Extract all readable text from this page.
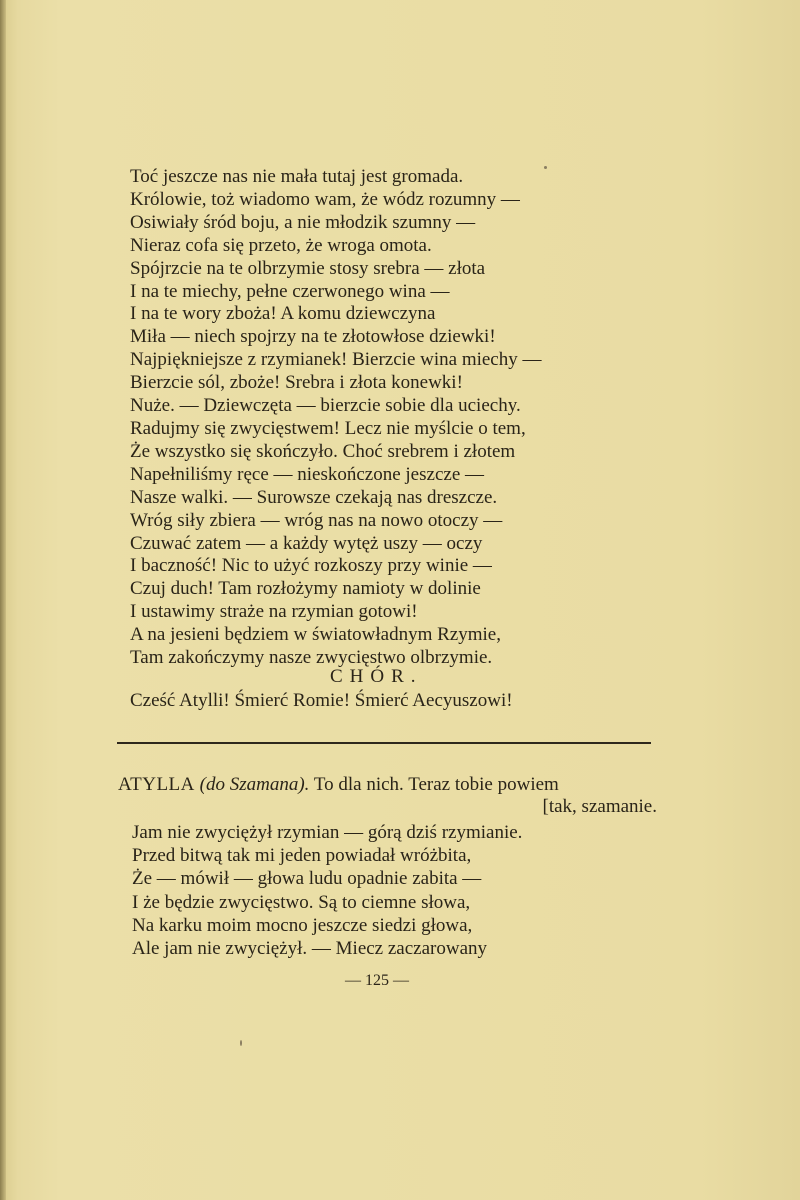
Toć jeszcze nas nie mała tutaj jest gromada.
Królowie, toż wiadomo wam, że wódz rozumny —
Osiwiały śród boju, a nie młodzik szumny —
Nieraz cofa się przeto, że wroga omota.
Spójrzcie na te olbrzymie stosy srebra — złota
I na te miechy, pełne czerwonego wina —
I na te wory zboża! A komu dziewczyna
Miła — niech spojrzy na te złotowłose dziewki!
Najpiękniejsze z rzymianek! Bierzcie wina miechy —
Bierzcie sól, zboże! Srebra i złota konewki!
Nuże. — Dziewczęta — bierzcie sobie dla uciechy.
Radujmy się zwycięstwem! Lecz nie myślcie o tem,
Że wszystko się skończyło. Choć srebrem i złotem
Napełniliśmy ręce — nieskończone jeszcze —
Nasze walki. — Surowsze czekają nas dreszcze.
Wróg siły zbiera — wróg nas na nowo otoczy —
Czuwać zatem — a każdy wytęż uszy — oczy
I baczność! Nic to użyć rozkoszy przy winie —
Czuj duch! Tam rozłożymy namioty w dolinie
I ustawimy straże na rzymian gotowi!
A na jesieni będziem w światowładnym Rzymie,
Tam zakończymy nasze zwycięstwo olbrzymie.
CHÓR.
Cześć Atylli! Śmierć Romie! Śmierć Aecyuszowi!
ATYLLA (do Szamana). To dla nich. Teraz tobie powiem
[tak, szamanie.
Jam nie zwyciężył rzymian — górą dziś rzymianie.
Przed bitwą tak mi jeden powiadał wróżbita,
Że — mówił — głowa ludu opadnie zabita —
I że będzie zwycięstwo. Są to ciemne słowa,
Na karku moim mocno jeszcze siedzi głowa,
Ale jam nie zwyciężył. — Miecz zaczarowany
— 125 —
